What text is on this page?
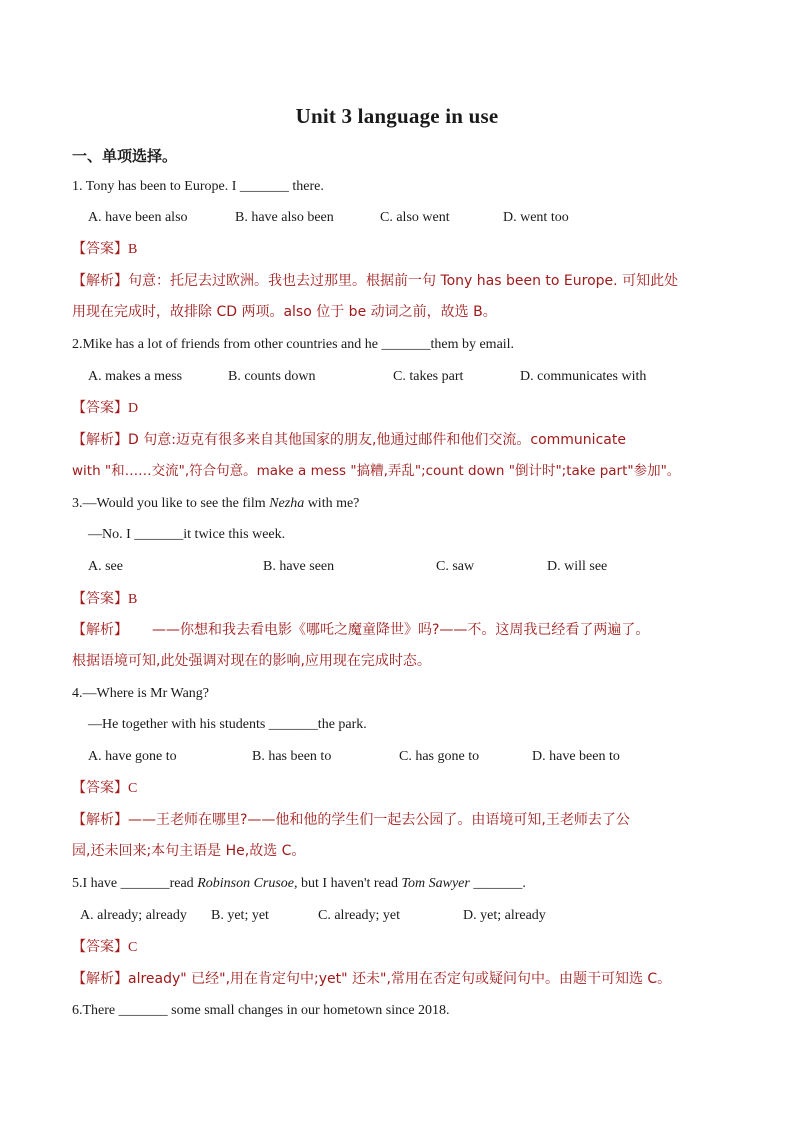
Unit 3 language in use
一、单项选择。
1. Tony has been to Europe. I _______ there.
A. have been also	B. have also been	C. also went	D. went too
【答案】B
【解析】句意：托尼去过欧洲。我也去过那里。根据前一句 Tony has been to Europe. 可知此处
用现在完成时，故排除 CD 两项。also 位于 be 动词之前，故选 B。
2.Mike has a lot of friends from other countries and he _______them by email.
A. makes a mess	B. counts down	C. takes part	D. communicates with
【答案】D
【解析】D 句意:迈克有很多来自其他国家的朋友,他通过邮件和他们交流。communicate
with "和……交流",符合句意。make a mess "搞糟,弄乱";count down "倒计时";take part"参加"。
3.—Would you like to see the film Nezha with me?
—No. I _______it twice this week.
A. see	B. have seen	C. saw	D. will see
【答案】B
【解析】 ——你想和我去看电影《哪吒之魔童降世》吗?——不。这周我已经看了两遍了。
根据语境可知,此处强调对现在的影响,应用现在完成时态。
4.—Where is Mr Wang?
—He together with his students _______the park.
A. have gone to	B. has been to	C. has gone to	D. have been to
【答案】C
【解析】——王老师在哪里?——他和他的学生们一起去公园了。由语境可知,王老师去了公
园,还未回来;本句主语是 He,故选 C。
5.I have _______read Robinson Crusoe, but I haven't read Tom Sawyer _______.
A. already; already B. yet; yet	C. already; yet	D. yet; already
【答案】C
【解析】already" 已经",用在肯定句中;yet" 还未",常用在否定句或疑问句中。由题干可知选 C。
6.There _______ some small changes in our hometown since 2018.
